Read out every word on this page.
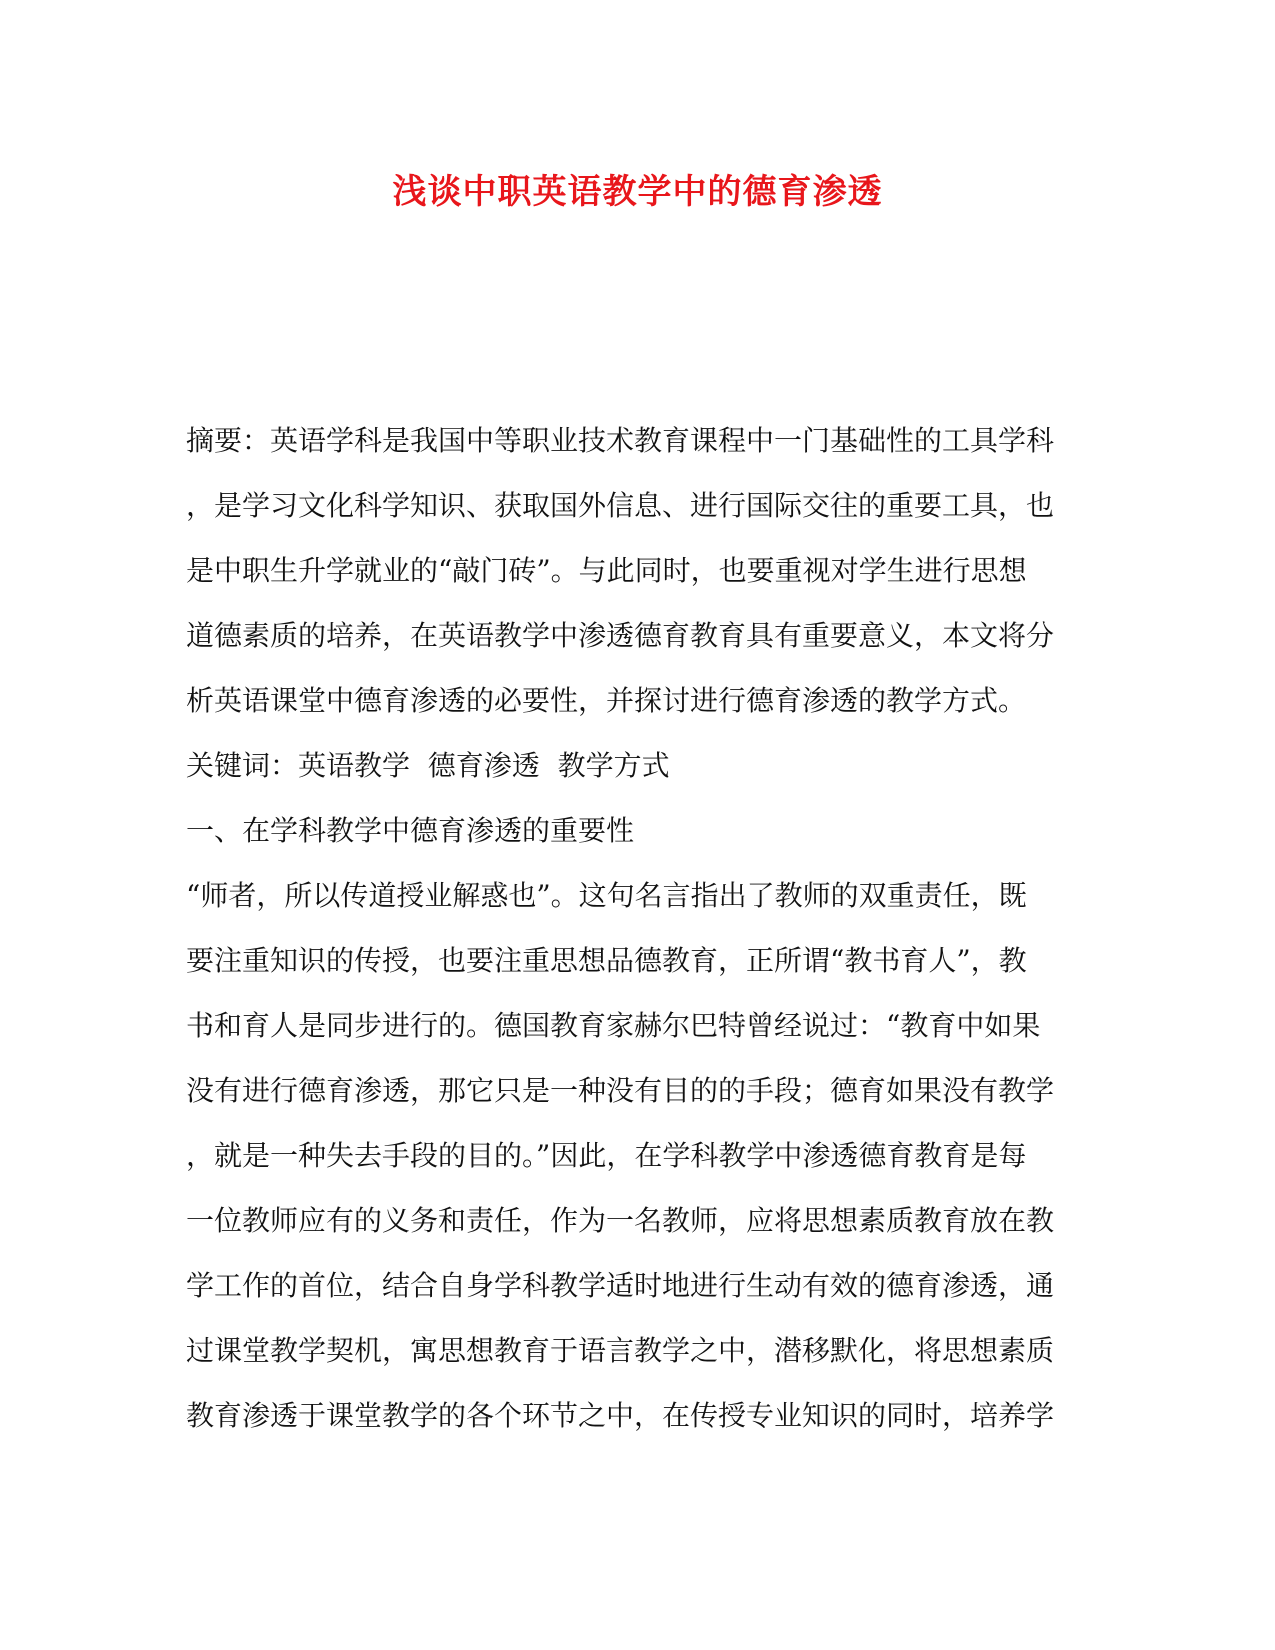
浅谈中职英语教学中的德育渗透
摘要：英语学科是我国中等职业技术教育课程中一门基础性的工具学科
，是学习文化科学知识、获取国外信息、进行国际交往的重要工具，也
是中职生升学就业的“敲门砖”。与此同时，也要重视对学生进行思想
道德素质的培养，在英语教学中渗透德育教育具有重要意义，本文将分
析英语课堂中德育渗透的必要性，并探讨进行德育渗透的教学方式。
关键词：英语教学  德育渗透  教学方式
一、在学科教学中德育渗透的重要性
“师者，所以传道授业解惑也”。这句名言指出了教师的双重责任，既
要注重知识的传授，也要注重思想品德教育，正所谓“教书育人”，教
书和育人是同步进行的。德国教育家赫尔巴特曾经说过：“教育中如果
没有进行德育渗透，那它只是一种没有目的的手段；德育如果没有教学
，就是一种失去手段的目的。”因此，在学科教学中渗透德育教育是每
一位教师应有的义务和责任，作为一名教师，应将思想素质教育放在教
学工作的首位，结合自身学科教学适时地进行生动有效的德育渗透，通
过课堂教学契机，寓思想教育于语言教学之中，潜移默化，将思想素质
教育渗透于课堂教学的各个环节之中，在传授专业知识的同时，培养学
